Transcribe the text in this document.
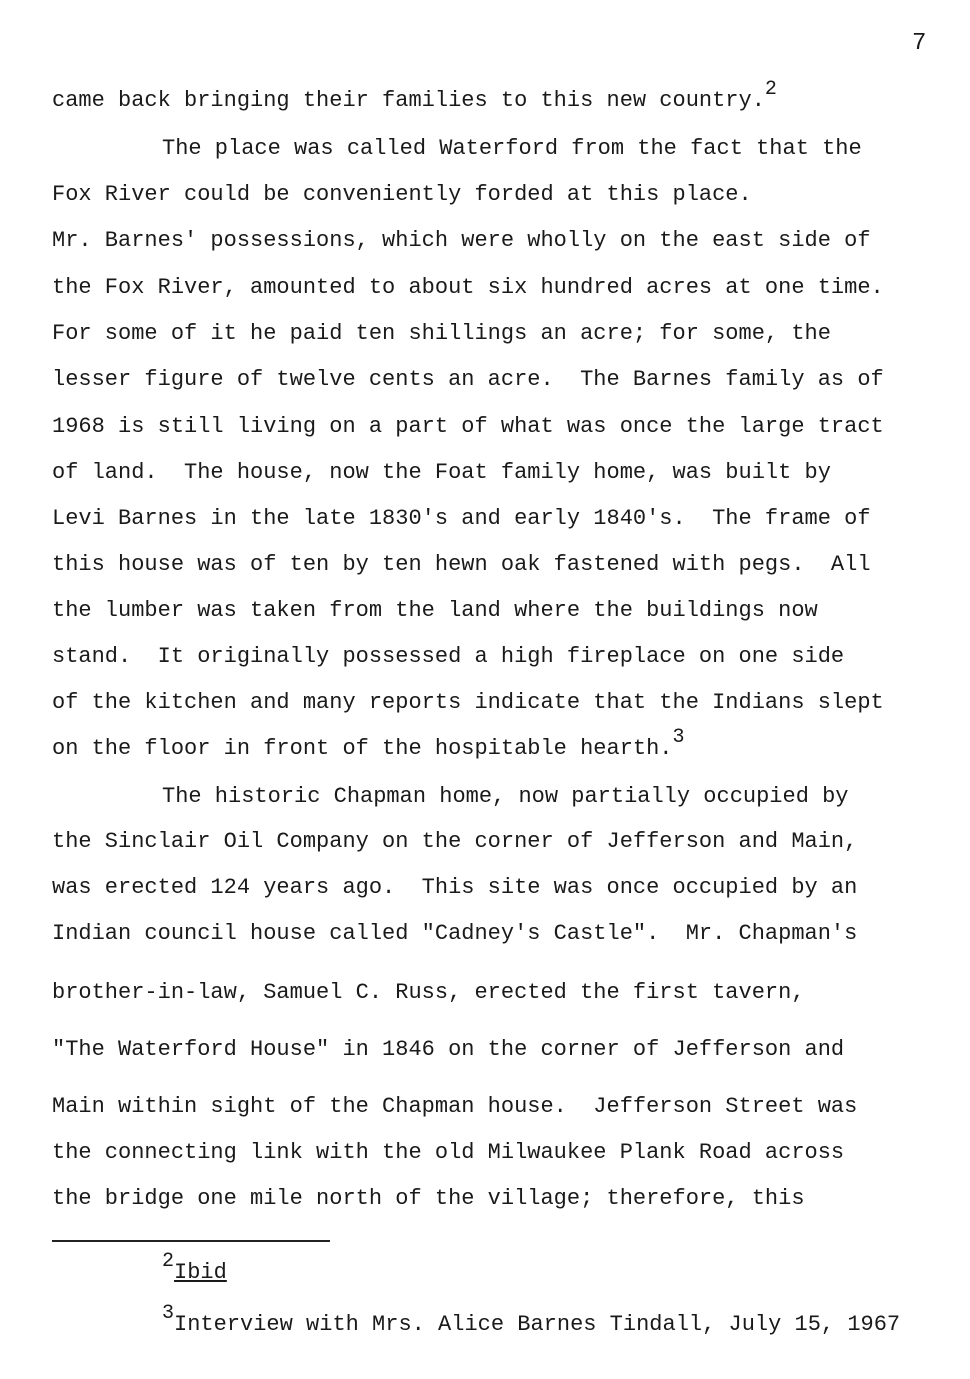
7
came back bringing their families to this new country.$^2$
The place was called Waterford from the fact that the
Fox River could be conveniently forded at this place.
Mr. Barnes' possessions, which were wholly on the east side of
the Fox River, amounted to about six hundred acres at one time.
For some of it he paid ten shillings an acre; for some, the
lesser figure of twelve cents an acre.  The Barnes family as of
1968 is still living on a part of what was once the large tract
of land.  The house, now the Foat family home, was built by
Levi Barnes in the late 1830's and early 1840's.  The frame of
this house was of ten by ten hewn oak fastened with pegs.  All
the lumber was taken from the land where the buildings now
stand.  It originally possessed a high fireplace on one side
of the kitchen and many reports indicate that the Indians slept
on the floor in front of the hospitable hearth.$^3$
The historic Chapman home, now partially occupied by
the Sinclair Oil Company on the corner of Jefferson and Main,
was erected 124 years ago.  This site was once occupied by an
Indian council house called "Cadney's Castle".  Mr. Chapman's
brother-in-law, Samuel C. Russ, erected the first tavern,
"The Waterford House" in 1846 on the corner of Jefferson and
Main within sight of the Chapman house.  Jefferson Street was
the connecting link with the old Milwaukee Plank Road across
the bridge one mile north of the village; therefore, this
$^2$Ibid
$^3$Interview with Mrs. Alice Barnes Tindall, July 15, 1967
